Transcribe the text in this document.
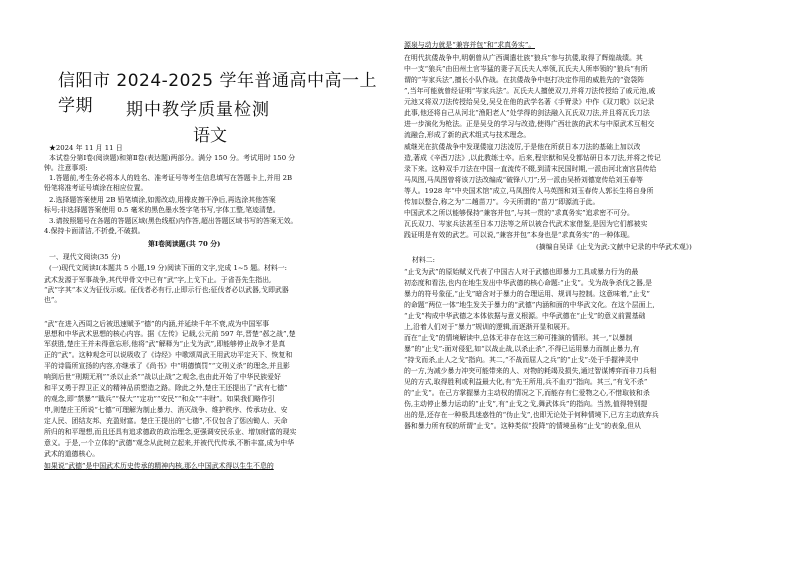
信阳市 2024-2025 学年普通高中高一上学期	期中教学质量检测
语文
★2024 年 11 月 11 日
本试卷分第Ⅰ卷(阅读题)和第Ⅱ卷(表达题)两部分。满分 150 分。考试用时 150 分
钟。注意事项:
1.答题前,考生务必将本人的姓名、准考证号等考生信息填写在答题卡上,并用 2B
铅笔将准考证号填涂在相应位置。
2.选择题答案使用 2B 铅笔填涂,如需改动,用橡皮擦干净后,再选涂其他答案
标号;非选择题答案使用 0.5 毫米的黑色墨水签字笔书写,字体工整,笔迹清楚。
3.请按照题号在各题的答题区域(黑色线框)内作答,超出答题区域书写的答案无效。
4.保持卡面清洁,不折叠,不破损。
第Ⅰ卷阅读题(共 70 分)
一、现代文阅读(35 分)
(一)现代文阅读Ⅰ(本题共 5 小题,19 分)阅读下面的文字,完成 1~5 题。材料一:
武术发源于军事战争,其代甲骨文中已有“武”字,上戈下止。于省吾先生指出,
“武”字其“本义为征伐示威。征伐者必有行,止即示行也;征伐者必以武器,戈即武器
也”。
“武”在进入西周之后被迅速赋予“德”的内涵,并延续千年不衰,成为中国军事
思想和中华武术思想的核心内容。据《左传》记载,公元前 597 年,晋楚“邲之战”,楚
军获胜,楚庄王并未得意忘形,他将“武”解释为“止戈为武”,即能够停止战争才是真
正的“武”。这种观念可以说吸收了《诗经》中歌颂周武王用武功平定天下、恢复和
平的诗篇所宣扬的内容,亦继承了《尚书》中“明德慎罚”“文刑义杀”的理念,并且影
响到后世“刑期无刑”“杀以止杀”“战以止战”之观念,也由此开始了中华民族爱好
和平又勇于捍卫正义的精神品质塑造之路。除此之外,楚庄王还提出了“武有七德”
的观念,即“禁暴”“戢兵”“保大”“定功”“安民”“和众”“丰财”。如果我们略作引
申,则楚庄王所说“七德”可理解为制止暴力、消灭战争、维护秩序、传承功业、安
定人民、团结友邦、充盈财富。楚庄王提出的“七德”,不仅包含了惩凶锄人、天命
所归的和平理想,而且还具有追求德政的政治理念,更强调安民乐业、增加财富的现实
意义。于是,一个立体的“武德”观念从此树立起来,并被代代传承,不断丰富,成为中华
武术的道德核心。
如果说“武德”是中国武术历史传承的精神内核,那么中国武术得以生生不息的
源泉与动力就是“兼容并包”和“求真务实”。
在明代抗倭战争中,明朝曾从广西调遣壮族“狼兵”参与抗倭,取得了辉煌战绩。其
中一支“狼兵”由田州土官岑猛的妻子瓦氏夫人率领,瓦氏夫人所率领的“狼兵”有所
谓的“岑家兵法”,擅长小队作战。在抗倭战争中赵打决定作用的威胜先的“瓷袋阵
”,当年可能就曾经证明“岑家兵法”。瓦氏夫人擅使双刀,并将刀法传授给了戚元池,戚
元池又将双刀法传授给吴殳,吴殳在他的武学名著《手臂录》中作《双刀歌》以记录
此事,他还将自己从河北“渔阳老人”处学得的剑法融入瓦氏双刀法,并且将瓦氏刀法
进一步演化为枪法。正是吴殳的学习与改造,使得广西壮族的武术与中原武术互相交
流融合,形成了新的武术组式与技术理念。
威继光在抗倭战争中发现倭寇刀法凌厉,于是他在所获日本刀法的基础上加以改
造,著成《辛酉刀法》,以此教练士卒。后来,程宗猷和吴殳都钻研日本刀法,并将之传记
录下来。这种双手刀法在中国一直流传不辍,到清末民国时期,一派由河北南宫县传给
马凤图,马凤图曾将该刀法改编成“破锋八刀”;另一派由吴桥刘德宽传给刘玉春等
等人。1928 年“中央国术馆”成立,马凤图传人马英图和刘玉春传人郭长生将自身所
传加以整合,称之为“二趟苗刀”。今天所谓的“苗刀”即源流于此。
中国武术之所以能够保持“兼容并包”,与其一贯的“求真务实”追求密不可分。
瓦氏双刀、岑家兵法甚至日本刀法等之所以被合代武术家借鉴,是因为它们都被实
践证明是有效的武艺。可以说,“兼容并包”本身也是“求真务实”的一种体现。
(摘编自吴译《止戈为武:文献中记录的中华武术观》)
材料二:
“止戈为武”的原始赋义代表了中国古人对于武德也即暴力工具或暴力行为的最
初态度和看法,也内在地生发出中华武德的核心命题:“止戈”。戈为战争杀伐之器,是
暴力的符号象征,“止戈”暗含对于暴力的合理运用、规训与控制。这意味着,“止戈”
的命题“两位一体”地生发关于暴力的“武德”内涵和面的中华武文化。在这个层面上,
“止戈”构成中华武德之本体依据与意义根源。中华武德在“止戈”的意义前置基础
上,沿着人们对于“暴力”规训的逻辑,而逐渐开显和展开。
而在“止戈”的情境解读中,总体无非存在这三种可推演的情形。其一,“以暴制
暴”的“止戈”:面对侵犯,如“以战止战,以杀止杀”,不得已运用暴力而制止暴力,有
“持戈而杀,止人之戈”指向。其二,“不战而屈人之兵”的“止戈”:处于手握神灵中
的一方,为减少暴力冲突可能带来的人、对物的耗竭及损失,通过智谋博弈而非刀兵相
见的方式,取得胜利或利益最大化,有“先王所用,兵不血刃”指向。其三,“有戈不杀”
的“止戈”。在己方掌握暴力主动权的情况之下,而能存有仁爱物之心,不惜取彼和杀
伤,主动停止暴力运动的“止戈”,有“止戈之戈,舞武体兵”的指向。当然,值得特别提
出的是,还存在一种极具迷惑性的“伪止戈”,也即无论处于何种情境下,已方主动放弃兵
器和暴力所有权的所谓“止戈”。这种类似“投降”的情境虽称“止戈”的表象,但从
